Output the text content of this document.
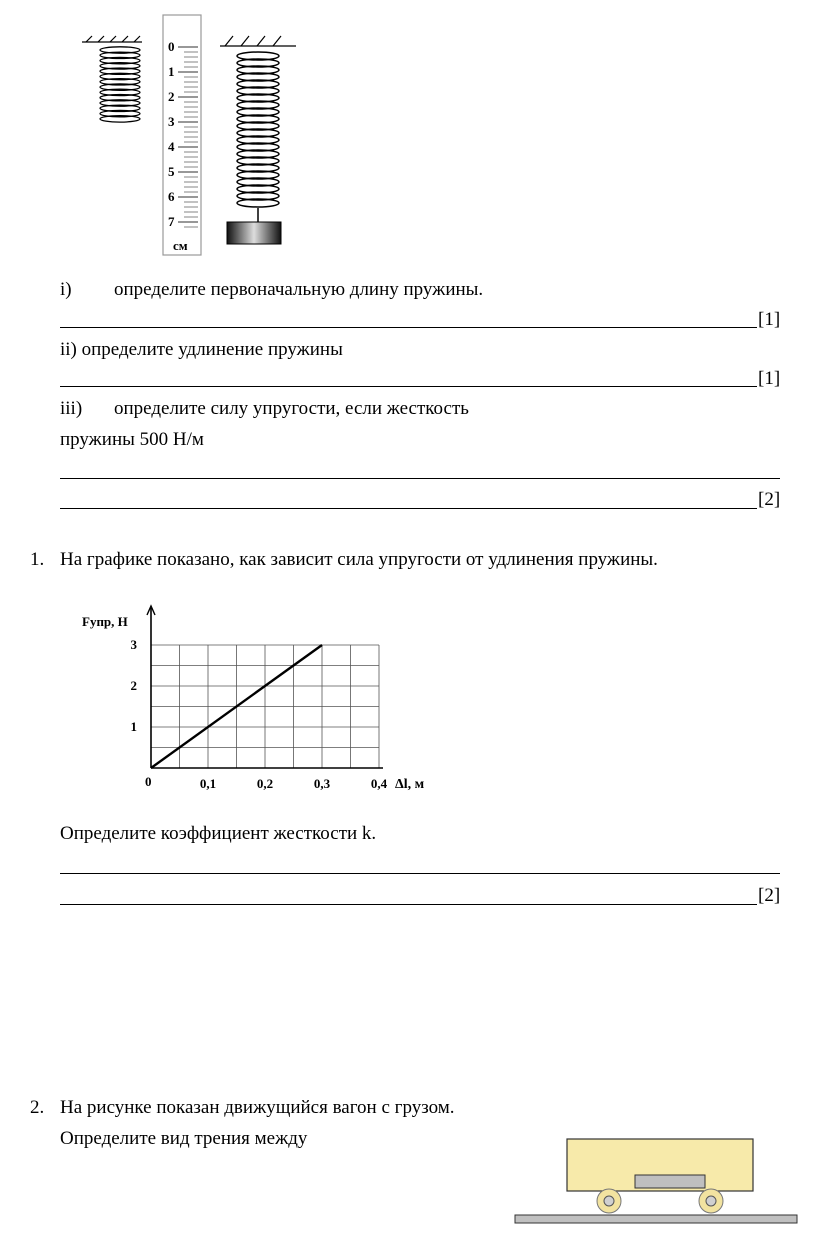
0
1
2
3
4
5
6
7
см
i) определите первоначальную длину пружины.
[1]
ii) определите удлинение пружины
[1]
iii) определите силу упругости, если жесткость
пружины 500 Н/м
[2]
1. На графике показано, как зависит сила упругости от удлинения пружины.
0,1	0,2	0,3	0,4
1
2
3
Fупр, Н
Δl, м
0
Определите коэффициент жесткости k.
[2]
2. На рисунке показан движущийся вагон с грузом.
Определите вид трения между
